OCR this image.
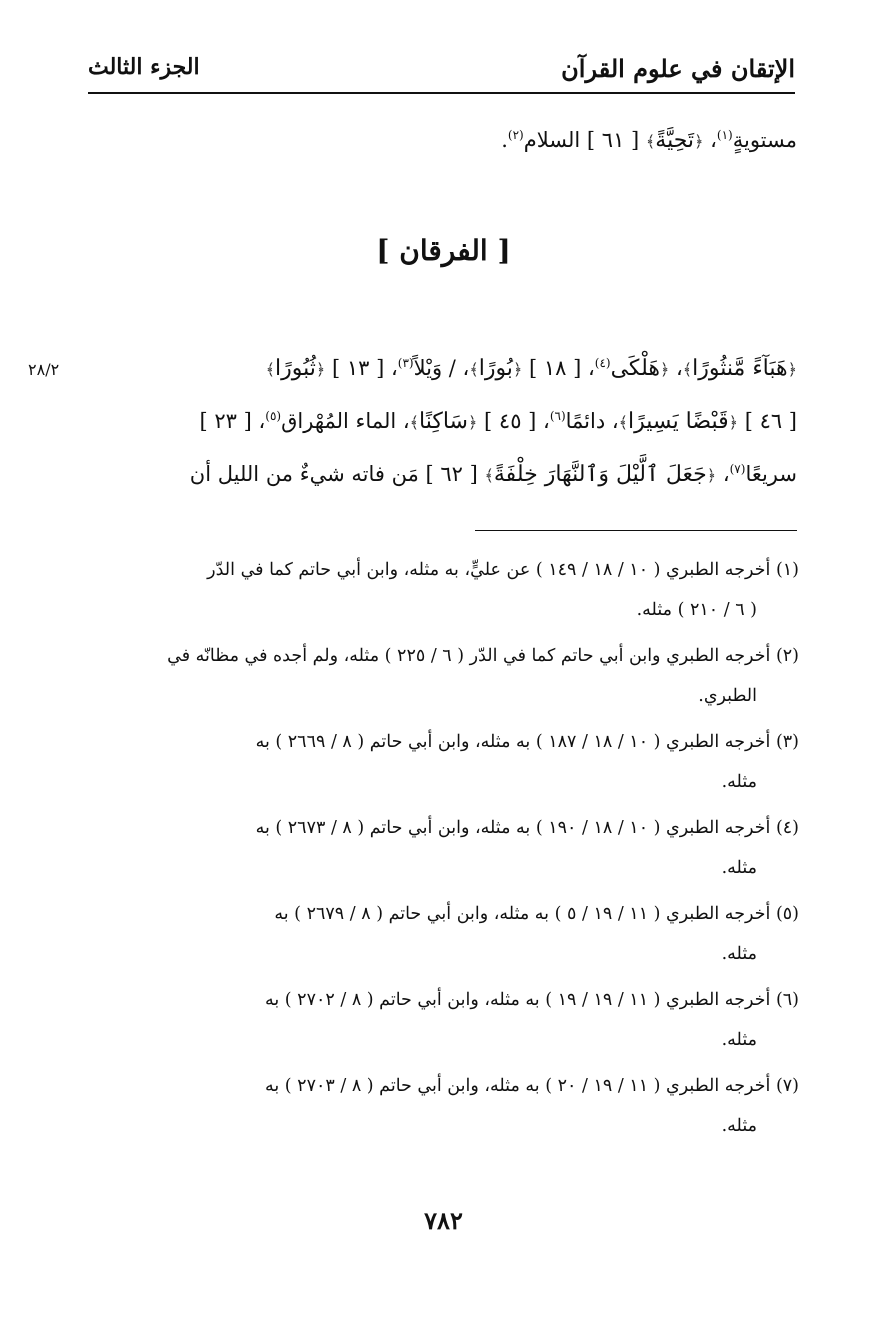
الإتقان في علوم القرآن
الجزء الثالث
مستويةٍ$^{(١)}$، ﴿تَحِيَّةً﴾ [ ٦١ ] السلام$^{(٢)}$.
[ الفرقان ]
٢٨/٢	﴿هَبَآءً مَّنثُورًا﴾، ﴿هَلْكَى$^{(٤)}$، [ ١٨ ] ﴿بُورًا﴾، / وَيْلاً$^{(٣)}$، [ ١٣ ] ﴿ثُبُورًا﴾
[ ٤٦ ] ﴿قَبْضًا يَسِيرًا﴾، دائمًا$^{(٦)}$، [ ٤٥ ] ﴿سَاكِنًا﴾، الماء المُهْراق$^{(٥)}$، [ ٢٣ ]
سريعًا$^{(٧)}$، ﴿جَعَلَ ٱلَّيْلَ وَٱلنَّهَارَ خِلْفَةً﴾ [ ٦٢ ] مَن فاته شيءٌ من الليل أن
(١) أخرجه الطبري ( ١٠ / ١٨ / ١٤٩ ) عن عليٍّ، به مثله، وابن أبي حاتم كما في الدّر
( ٦ / ٢١٠ ) مثله.
(٢) أخرجه الطبري وابن أبي حاتم كما في الدّر ( ٦ / ٢٢٥ ) مثله، ولم أجده في مظانّه في
الطبري.
(٣) أخرجه الطبري ( ١٠ / ١٨ / ١٨٧ ) به مثله، وابن أبي حاتم ( ٨ / ٢٦٦٩ ) به
مثله.
(٤) أخرجه الطبري ( ١٠ / ١٨ / ١٩٠ ) به مثله، وابن أبي حاتم ( ٨ / ٢٦٧٣ ) به
مثله.
(٥) أخرجه الطبري ( ١١ / ١٩ / ٥ ) به مثله، وابن أبي حاتم ( ٨ / ٢٦٧٩ ) به
مثله.
(٦) أخرجه الطبري ( ١١ / ١٩ / ١٩ ) به مثله، وابن أبي حاتم ( ٨ / ٢٧٠٢ ) به
مثله.
(٧) أخرجه الطبري ( ١١ / ١٩ / ٢٠ ) به مثله، وابن أبي حاتم ( ٨ / ٢٧٠٣ ) به
مثله.
٧٨٢
